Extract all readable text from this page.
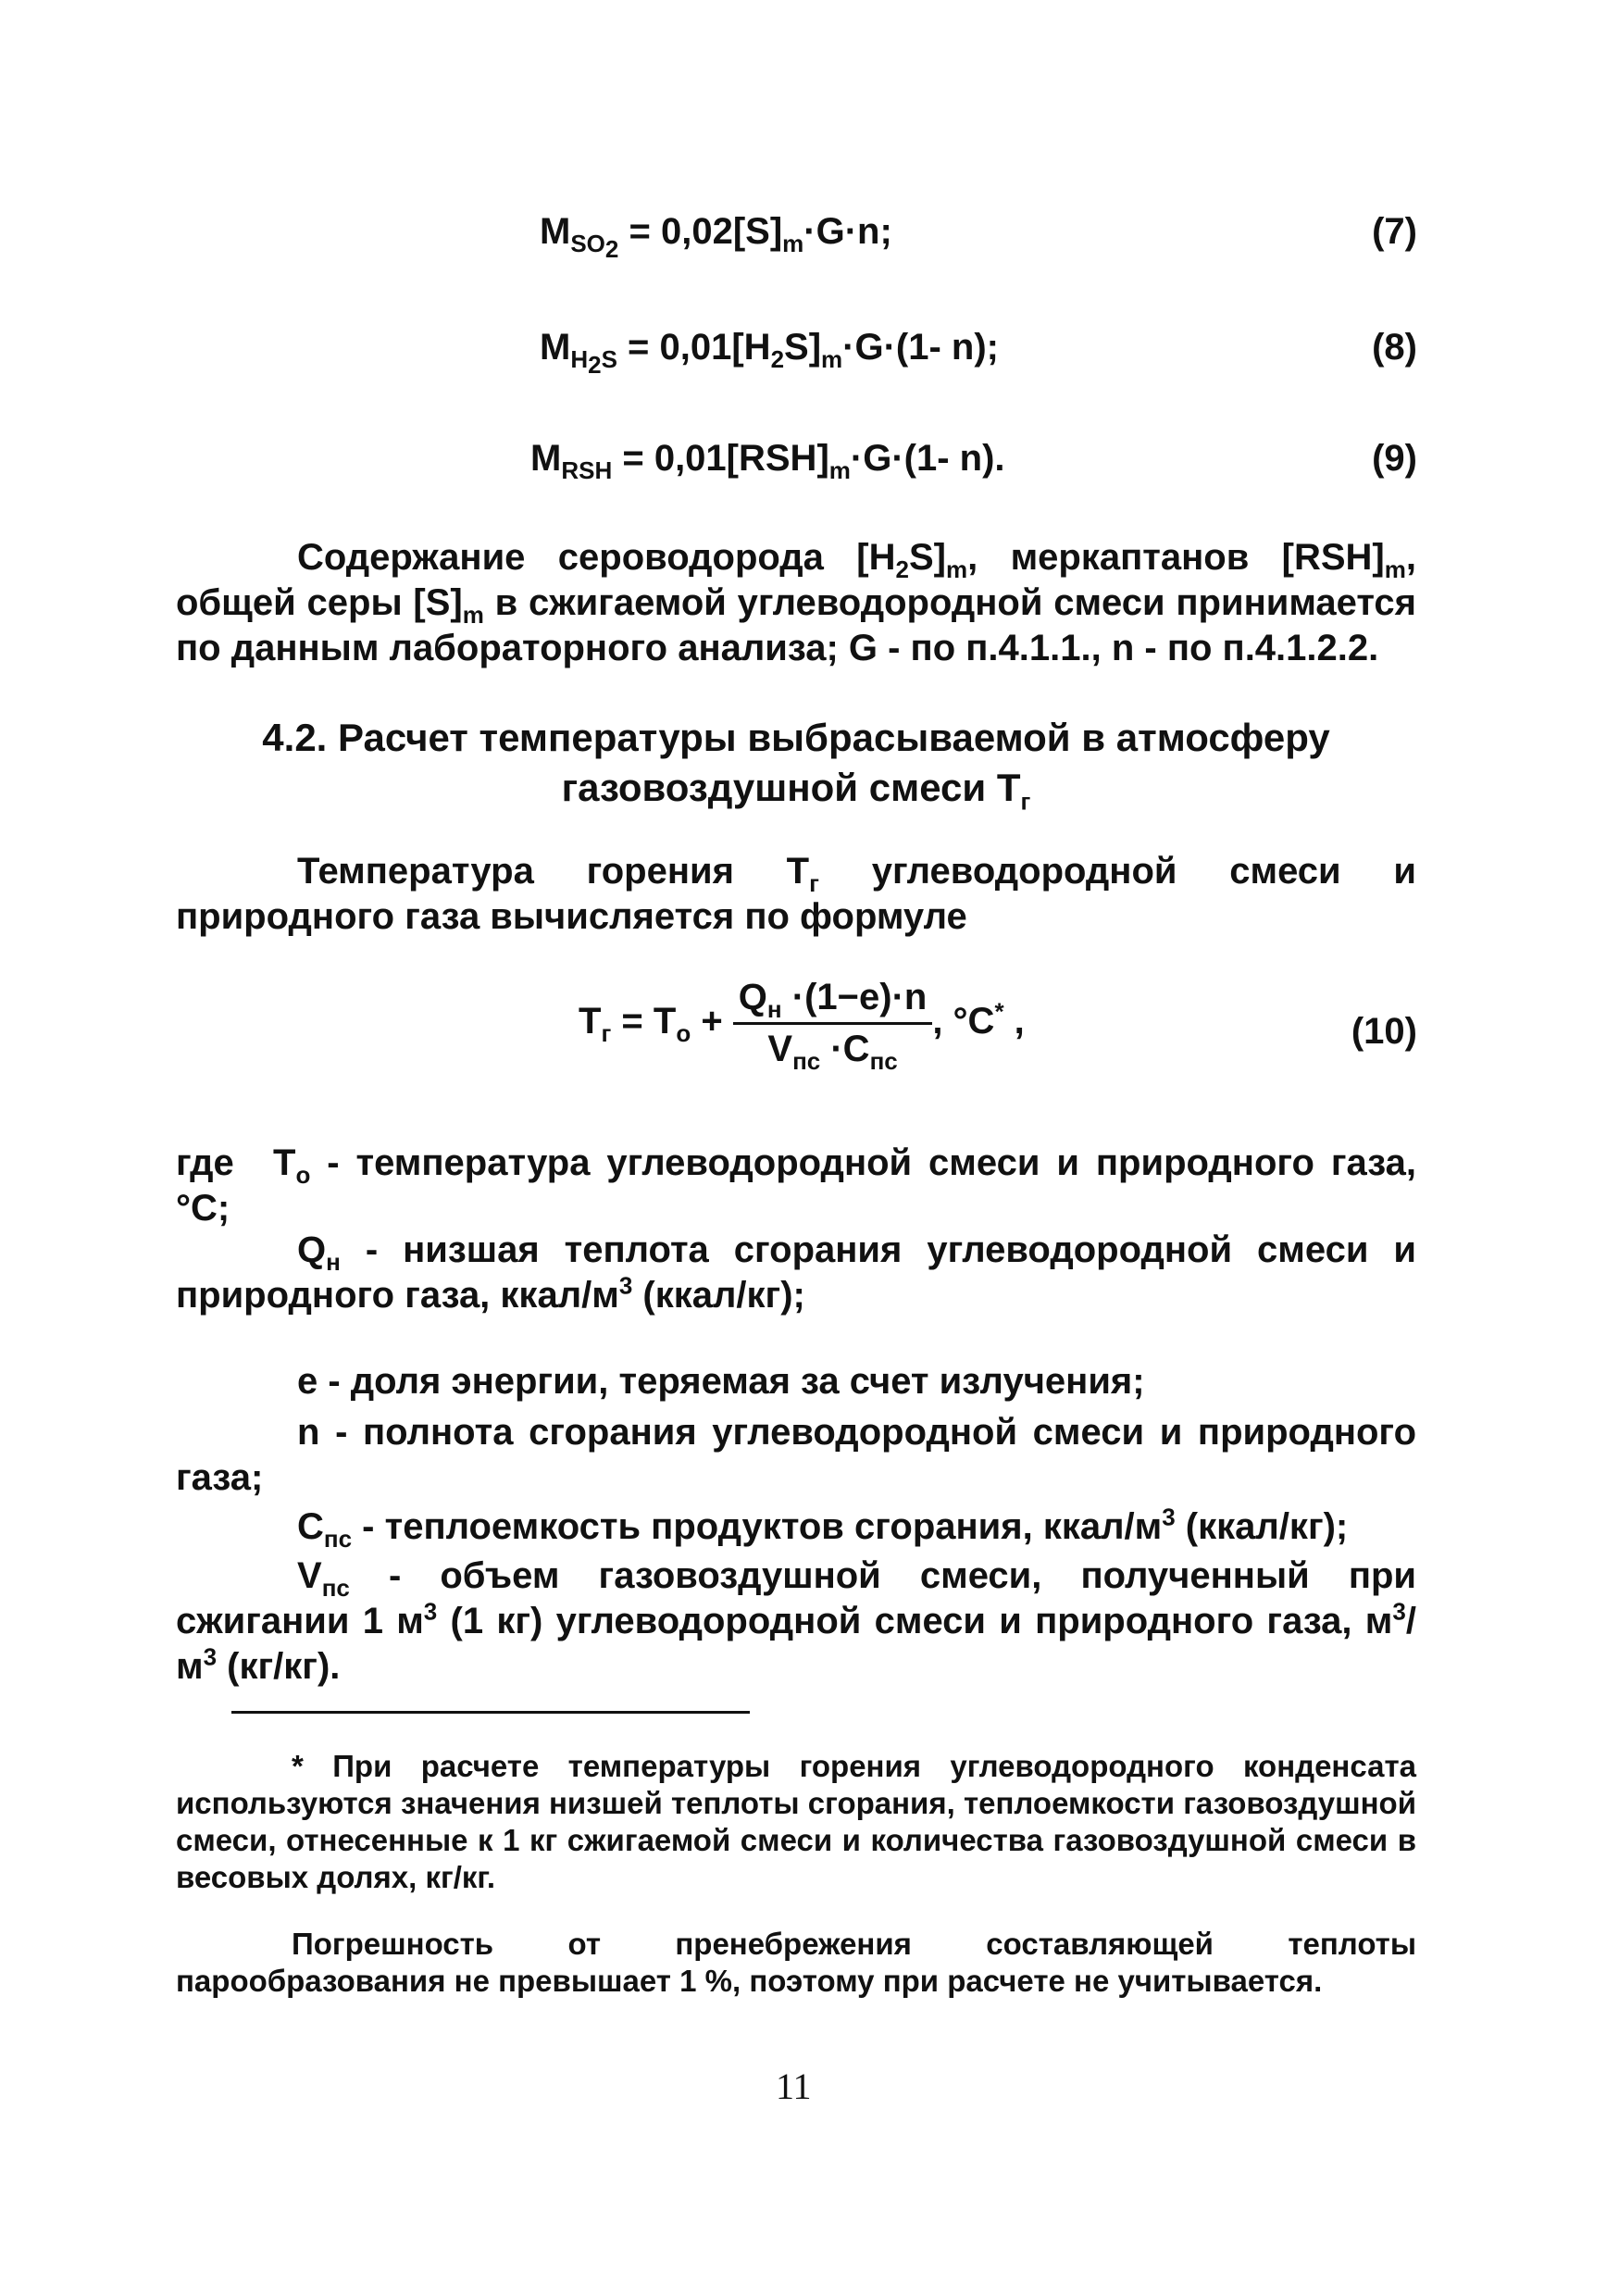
$M_{SO_2} = 0,02[S]_m\cdot G\cdot n$;	(7)
$M_{H_2S} = 0,01[H_2S]_m\cdot G\cdot(1-$ n);	(8)
$M_{RSH} = 0,01[RSH]_m\cdot G\cdot(1-$ n).	(9)
Содержание сероводорода $[H_2S]_m$, меркаптанов $[RSH]_m$, общей серы $[S]_m$ в сжигаемой углеводородной смеси принимается по данным лабораторного анализа; G - по п.4.1.1., n - по п.4.1.2.2.
4.2. Расчет температуры выбрасываемой в атмосферу
газовоздушной смеси $T_г$
Температура горения $T_г$ углеводородной смеси и природного газа вычисляется по формуле
$T_г = T_o + \frac{Q_н \cdot(1-e)\cdot n}{V_{пс} \cdot C_{пс}}$ , °C* ,	(10)
где $T_o$ - температура углеводородной смеси и природного газа, °C;
$Q_н$ - низшая теплота сгорания углеводородной смеси и природного газа, ккал/$м^3$ (ккал/кг);
e - доля энергии, теряемая за счет излучения;
n - полнота сгорания углеводородной смеси и природного газа;
$C_{пс}$ - теплоемкость продуктов сгорания, ккал/$м^3$ (ккал/кг);
$V_{пс}$ - объем газовоздушной смеси, полученный при сжигании 1 $м^3$ (1 кг) углеводородной смеси и природного газа, $м^3/м^3$ (кг/кг).
* При расчете температуры горения углеводородного конденсата используются значения низшей теплоты сгорания, теплоемкости газовоздушной смеси, отнесенные к 1 кг сжигаемой смеси и количества газовоздушной смеси в весовых долях, кг/кг.
Погрешность от пренебрежения составляющей теплоты парообразования не превышает 1 %, поэтому при расчете не учитывается.
11
